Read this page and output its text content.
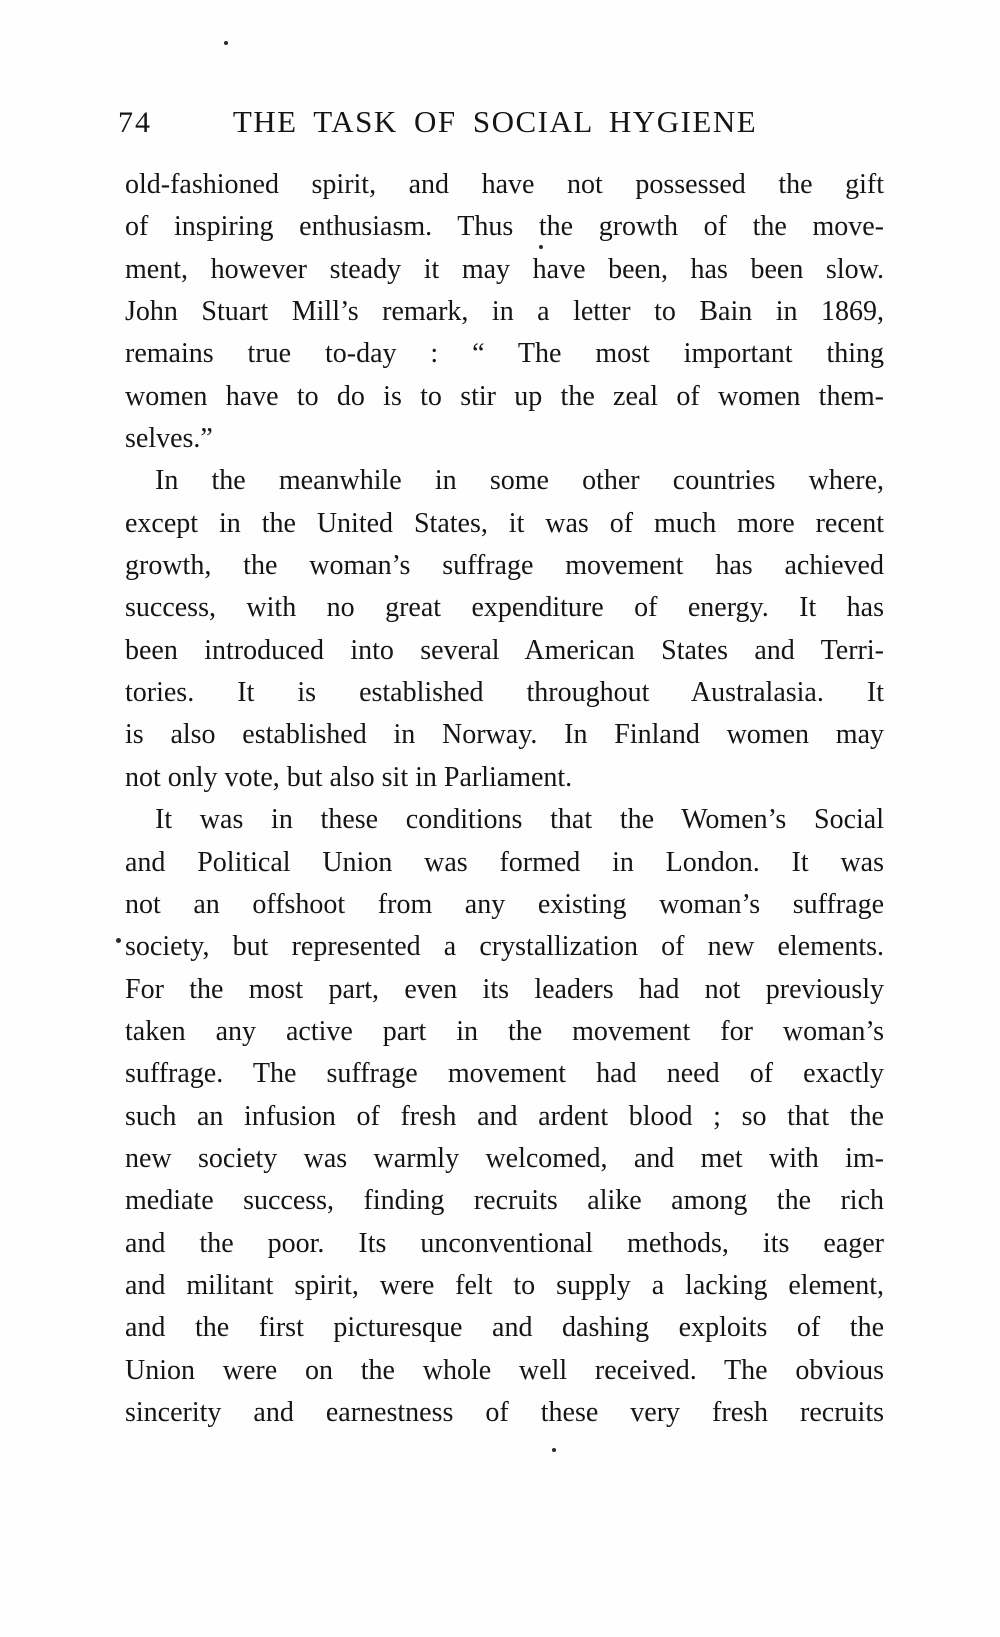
74	THE TASK OF SOCIAL HYGIENE
old-fashioned spirit, and have not possessed the gift
of inspiring enthusiasm. Thus the growth of the move-
ment, however steady it may have been, has been slow.
John Stuart Mill’s remark, in a letter to Bain in 1869,
remains true to-day : “ The most important thing
women have to do is to stir up the zeal of women them-
selves.”
In the meanwhile in some other countries where,
except in the United States, it was of much more recent
growth, the woman’s suffrage movement has achieved
success, with no great expenditure of energy. It has
been introduced into several American States and Terri-
tories. It is established throughout Australasia. It
is also established in Norway. In Finland women may
not only vote, but also sit in Parliament.
It was in these conditions that the Women’s Social
and Political Union was formed in London. It was
not an offshoot from any existing woman’s suffrage
society, but represented a crystallization of new elements.
For the most part, even its leaders had not previously
taken any active part in the movement for woman’s
suffrage. The suffrage movement had need of exactly
such an infusion of fresh and ardent blood ; so that the
new society was warmly welcomed, and met with im-
mediate success, finding recruits alike among the rich
and the poor. Its unconventional methods, its eager
and militant spirit, were felt to supply a lacking element,
and the first picturesque and dashing exploits of the
Union were on the whole well received. The obvious
sincerity and earnestness of these very fresh recruits
